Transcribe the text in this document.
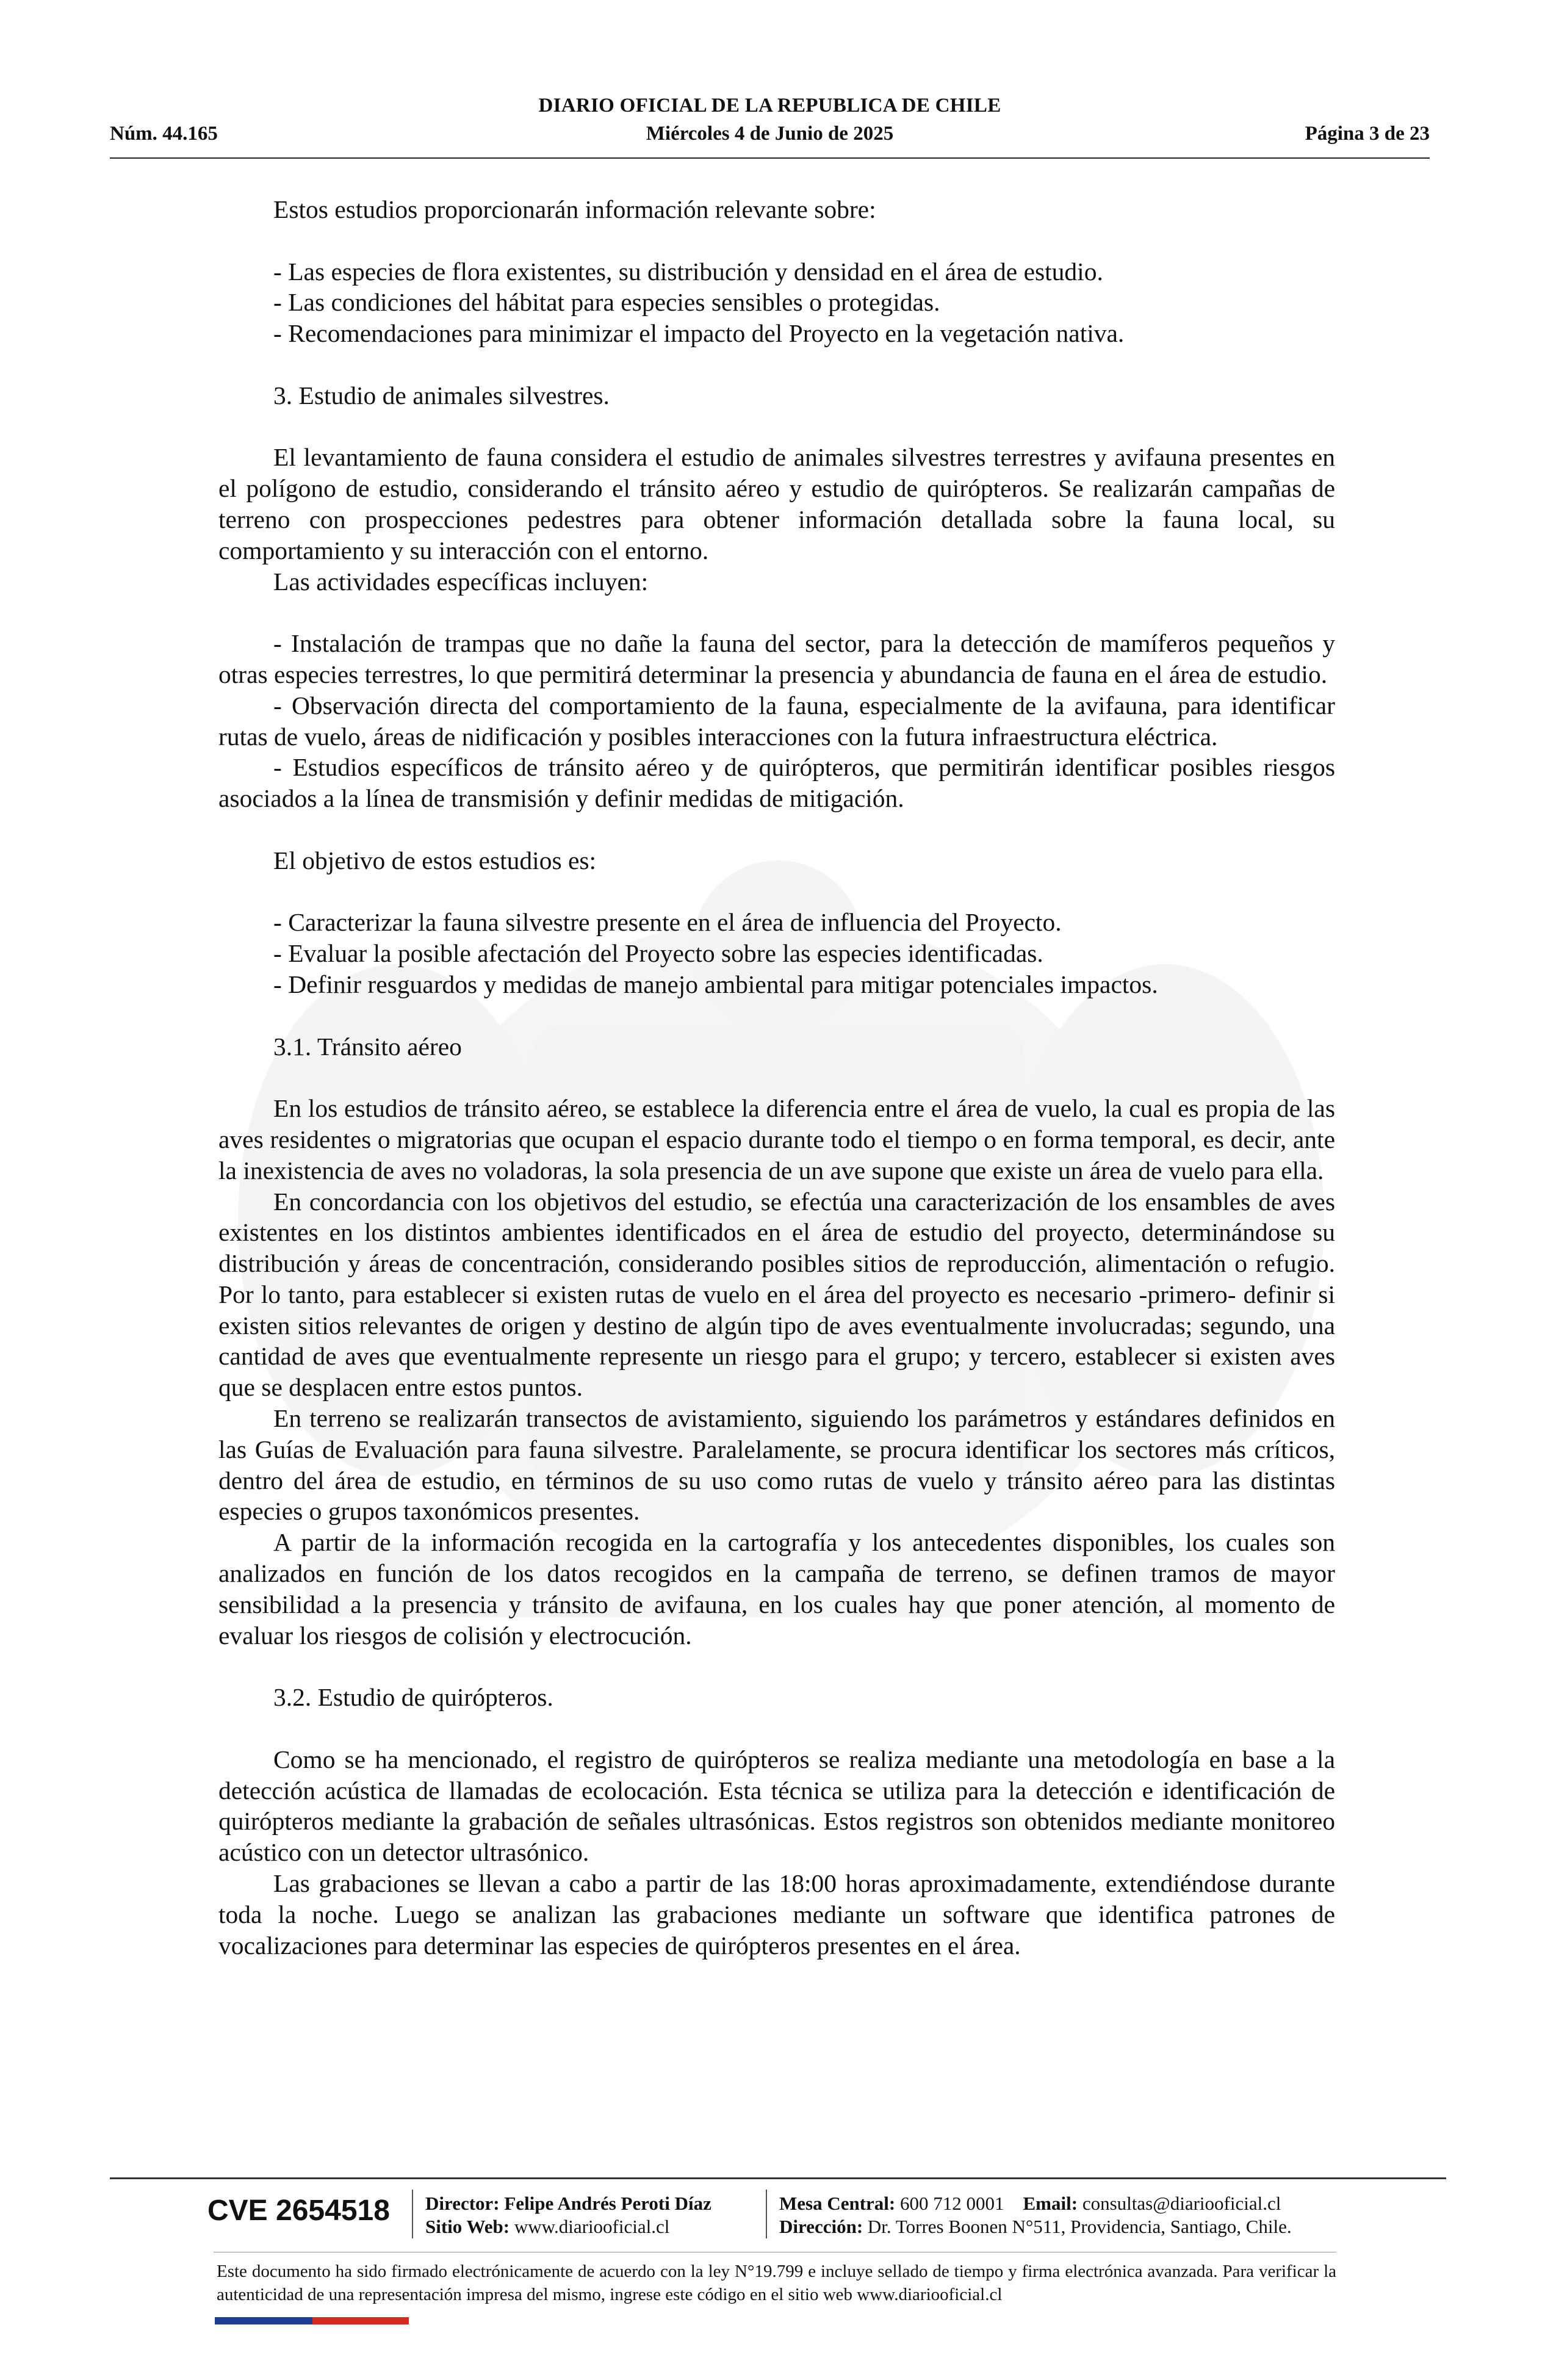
DIARIO OFICIAL DE LA REPUBLICA DE CHILE
Núm. 44.165	Miércoles 4 de Junio de 2025	Página 3 de 23

Estos estudios proporcionarán información relevante sobre:

- Las especies de flora existentes, su distribución y densidad en el área de estudio.

- Las condiciones del hábitat para especies sensibles o protegidas.

- Recomendaciones para minimizar el impacto del Proyecto en la vegetación nativa.

3. Estudio de animales silvestres.

El levantamiento de fauna considera el estudio de animales silvestres terrestres y avifauna presentes en el polígono de estudio, considerando el tránsito aéreo y estudio de quirópteros. Se realizarán campañas de terreno con prospecciones pedestres para obtener información detallada sobre la fauna local, su comportamiento y su interacción con el entorno.

Las actividades específicas incluyen:

- Instalación de trampas que no dañe la fauna del sector, para la detección de mamíferos pequeños y otras especies terrestres, lo que permitirá determinar la presencia y abundancia de fauna en el área de estudio.

- Observación directa del comportamiento de la fauna, especialmente de la avifauna, para identificar rutas de vuelo, áreas de nidificación y posibles interacciones con la futura infraestructura eléctrica.

- Estudios específicos de tránsito aéreo y de quirópteros, que permitirán identificar posibles riesgos asociados a la línea de transmisión y definir medidas de mitigación.

El objetivo de estos estudios es:

- Caracterizar la fauna silvestre presente en el área de influencia del Proyecto.

- Evaluar la posible afectación del Proyecto sobre las especies identificadas.

- Definir resguardos y medidas de manejo ambiental para mitigar potenciales impactos.

3.1. Tránsito aéreo

En los estudios de tránsito aéreo, se establece la diferencia entre el área de vuelo, la cual es propia de las aves residentes o migratorias que ocupan el espacio durante todo el tiempo o en forma temporal, es decir, ante la inexistencia de aves no voladoras, la sola presencia de un ave supone que existe un área de vuelo para ella.

En concordancia con los objetivos del estudio, se efectúa una caracterización de los ensambles de aves existentes en los distintos ambientes identificados en el área de estudio del proyecto, determinándose su distribución y áreas de concentración, considerando posibles sitios de reproducción, alimentación o refugio. Por lo tanto, para establecer si existen rutas de vuelo en el área del proyecto es necesario -primero- definir si existen sitios relevantes de origen y destino de algún tipo de aves eventualmente involucradas; segundo, una cantidad de aves que eventualmente represente un riesgo para el grupo; y tercero, establecer si existen aves que se desplacen entre estos puntos.

En terreno se realizarán transectos de avistamiento, siguiendo los parámetros y estándares definidos en las Guías de Evaluación para fauna silvestre. Paralelamente, se procura identificar los sectores más críticos, dentro del área de estudio, en términos de su uso como rutas de vuelo y tránsito aéreo para las distintas especies o grupos taxonómicos presentes.

A partir de la información recogida en la cartografía y los antecedentes disponibles, los cuales son analizados en función de los datos recogidos en la campaña de terreno, se definen tramos de mayor sensibilidad a la presencia y tránsito de avifauna, en los cuales hay que poner atención, al momento de evaluar los riesgos de colisión y electrocución.

3.2. Estudio de quirópteros.

Como se ha mencionado, el registro de quirópteros se realiza mediante una metodología en base a la detección acústica de llamadas de ecolocación. Esta técnica se utiliza para la detección e identificación de quirópteros mediante la grabación de señales ultrasónicas. Estos registros son obtenidos mediante monitoreo acústico con un detector ultrasónico.

Las grabaciones se llevan a cabo a partir de las 18:00 horas aproximadamente, extendiéndose durante toda la noche. Luego se analizan las grabaciones mediante un software que identifica patrones de vocalizaciones para determinar las especies de quirópteros presentes en el área.

CVE 2654518 Director: Felipe Andrés Peroti Díaz
Sitio Web: www.diariooficial.cl
Mesa Central: 600 712 0001 Email: consultas@diariooficial.cl
Dirección: Dr. Torres Boonen N°511, Providencia, Santiago, Chile.
Este documento ha sido firmado electrónicamente de acuerdo con la ley N°19.799 e incluye sellado de tiempo y firma electrónica avanzada. Para verificar la autenticidad de una representación impresa del mismo, ingrese este código en el sitio web www.diariooficial.cl
